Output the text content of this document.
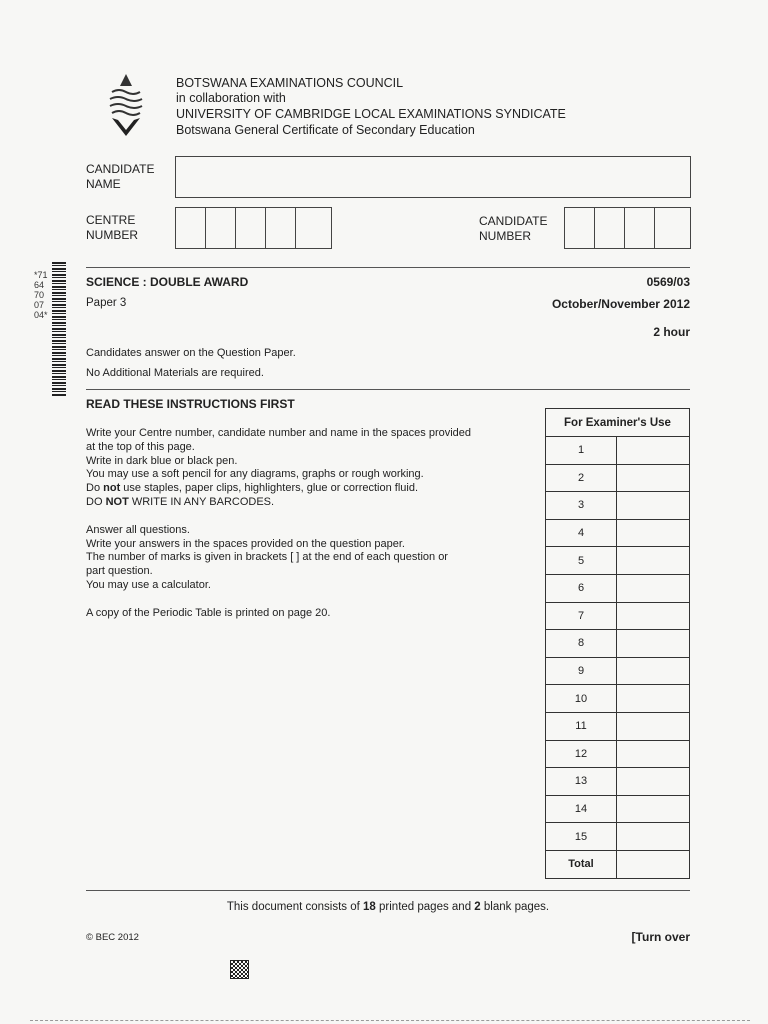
BOTSWANA EXAMINATIONS COUNCIL
in collaboration with
UNIVERSITY OF CAMBRIDGE LOCAL EXAMINATIONS SYNDICATE
Botswana General Certificate of Secondary Education
CANDIDATE
NAME
CENTRE
NUMBER
CANDIDATE
NUMBER
*7164700704*
SCIENCE : DOUBLE AWARD	0569/03
Paper 3	October/November 2012
2 hour
Candidates answer on the Question Paper.
No Additional Materials are required.
READ THESE INSTRUCTIONS FIRST

Write your Centre number, candidate number and name in the spaces provided

at the top of this page.

Write in dark blue or black pen.

You may use a soft pencil for any diagrams, graphs or rough working.

Do not use staples, paper clips, highlighters, glue or correction fluid.

DO NOT WRITE IN ANY BARCODES.

Answer all questions.

Write your answers in the spaces provided on the question paper.

The number of marks is given in brackets [ ] at the end of each question or

part question.

You may use a calculator.

A copy of the Periodic Table is printed on page 20.

For Examiner's Use	
1	
2	
3	
4	
5	
6	
7	
8	
9	
10	
11	
12	
13	
14	
15	
Total	
This document consists of 18 printed pages and 2 blank pages.
© BEC 2012	[Turn over
